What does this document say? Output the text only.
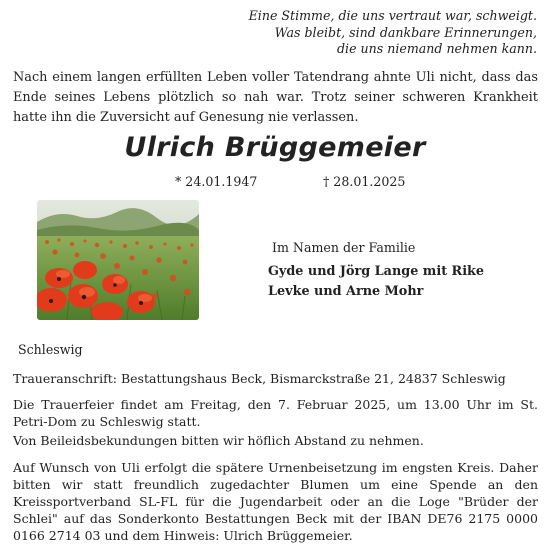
Eine Stimme, die uns vertraut war, schweigt.
Was bleibt, sind dankbare Erinnerungen,
die uns niemand nehmen kann.
Nach einem langen erfüllten Leben voller Tatendrang ahnte Uli nicht, dass das Ende seines Lebens plötzlich so nah war. Trotz seiner schweren Krankheit hatte ihn die Zuversicht auf Genesung nie verlassen.
Ulrich Brüggemeier
* 24.01.1947	† 28.01.2025
Im Namen der Familie
Gyde und Jörg Lange mit Rike
Levke und Arne Mohr
Schleswig
Traueranschrift: Bestattungshaus Beck, Bismarckstraße 21, 24837 Schleswig
Die Trauerfeier findet am Freitag, den 7. Februar 2025, um 13.00 Uhr im St. Petri-Dom zu Schleswig statt.
Von Beileidsbekundungen bitten wir höflich Abstand zu nehmen.
Auf Wunsch von Uli erfolgt die spätere Urnenbeisetzung im engsten Kreis. Daher bitten wir statt freundlich zugedachter Blumen um eine Spende an den Kreissportverband SL-FL für die Jugendarbeit oder an die Loge "Brüder der Schlei" auf das Sonderkonto Bestattungen Beck mit der IBAN DE76 2175 0000 0166 2714 03 und dem Hinweis: Ulrich Brüggemeier.
